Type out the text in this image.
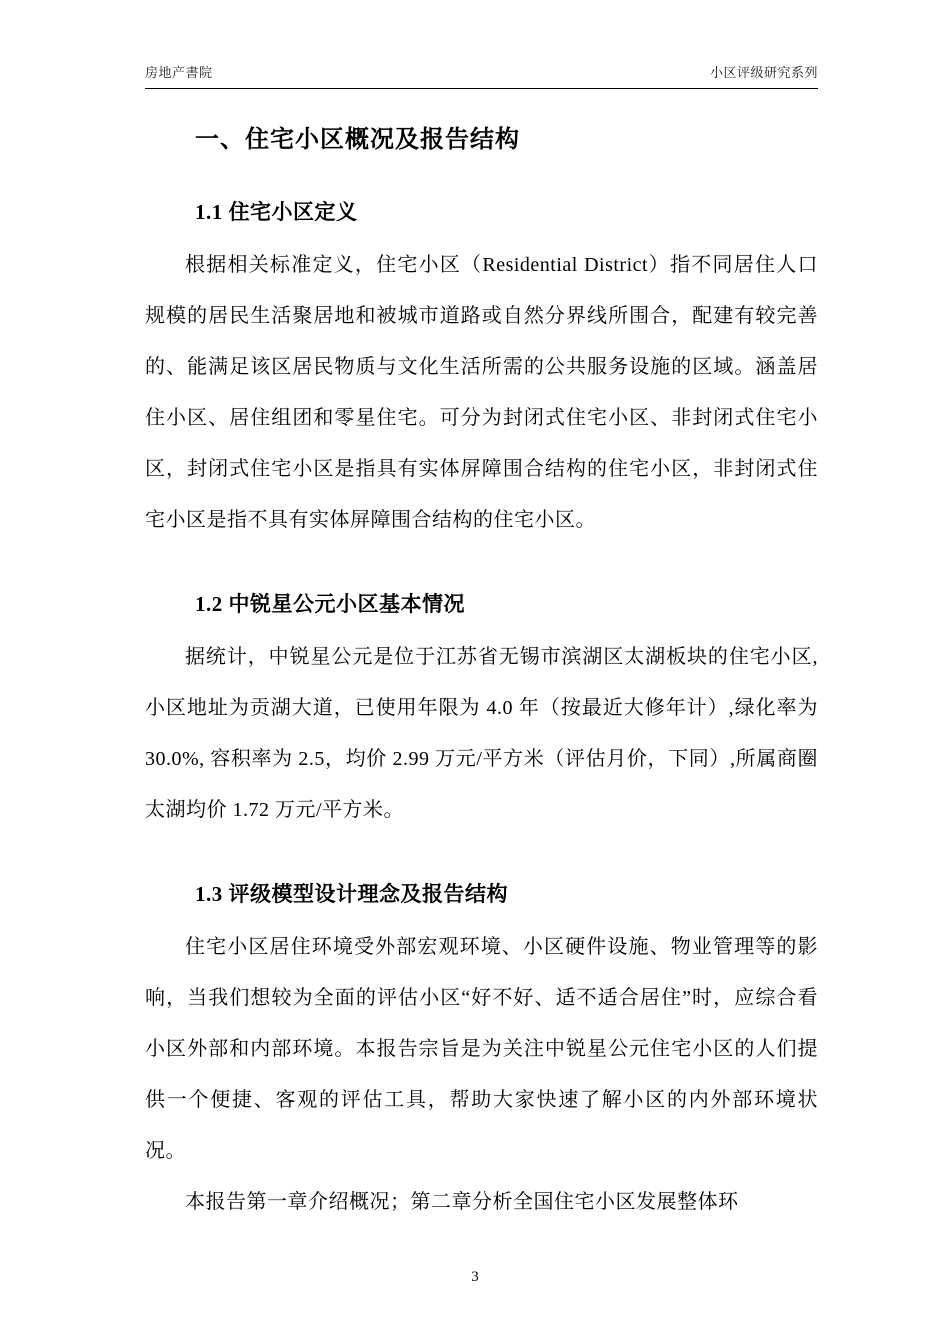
房地产書院	小区评级研究系列
一、住宅小区概况及报告结构
1.1 住宅小区定义

根据相关标准定义，住宅小区（Residential District）指不同居住人口规模的居民生活聚居地和被城市道路或自然分界线所围合，配建有较完善的、能满足该区居民物质与文化生活所需的公共服务设施的区域。涵盖居住小区、居住组团和零星住宅。可分为封闭式住宅小区、非封闭式住宅小区，封闭式住宅小区是指具有实体屏障围合结构的住宅小区，非封闭式住宅小区是指不具有实体屏障围合结构的住宅小区。

1.2 中锐星公元小区基本情况

据统计，中锐星公元是位于江苏省无锡市滨湖区太湖板块的住宅小区,小区地址为贡湖大道，已使用年限为 4.0 年（按最近大修年计）,绿化率为 30.0%, 容积率为 2.5，均价 2.99 万元/平方米（评估月价，下同）,所属商圈太湖均价 1.72 万元/平方米。

1.3 评级模型设计理念及报告结构

住宅小区居住环境受外部宏观环境、小区硬件设施、物业管理等的影响，当我们想较为全面的评估小区“好不好、适不适合居住”时，应综合看小区外部和内部环境。本报告宗旨是为关注中锐星公元住宅小区的人们提供一个便捷、客观的评估工具，帮助大家快速了解小区的内外部环境状况。

本报告第一章介绍概况；第二章分析全国住宅小区发展整体环

3
